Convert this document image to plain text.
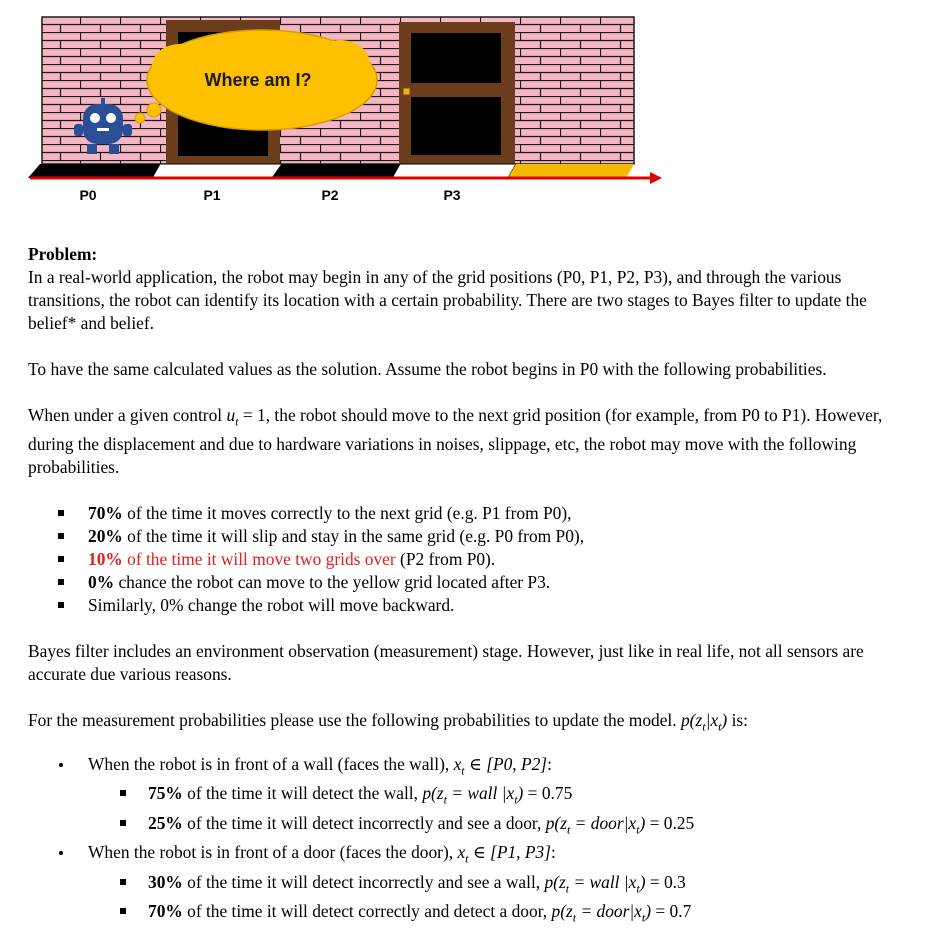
Where am I?
P0	P1	P2	P3

Problem:

In a real-world application, the robot may begin in any of the grid positions (P0, P1, P2, P3), and through the various transitions, the robot can identify its location with a certain probability. There are two stages to Bayes filter to update the belief* and belief.

To have the same calculated values as the solution. Assume the robot begins in P0 with the following probabilities.

When under a given control $u_t = 1$, the robot should move to the next grid position (for example, from P0 to P1). However, during the displacement and due to hardware variations in noises, slippage, etc, the robot may move with the following probabilities.

70% of the time it moves correctly to the next grid (e.g. P1 from P0),
20% of the time it will slip and stay in the same grid (e.g. P0 from P0),
10% of the time it will move two grids over (P2 from P0).
0% chance the robot can move to the yellow grid located after P3.
Similarly, 0% change the robot will move backward.

Bayes filter includes an environment observation (measurement) stage. However, just like in real life, not all sensors are accurate due various reasons.

For the measurement probabilities please use the following probabilities to update the model. $p(z_t|x_t)$ is:

When the robot is in front of a wall (faces the wall), $x_t$ ∈ [P0, P2]:
75% of the time it will detect the wall, $p(z_t$ = wall $|x_t) = 0.75$
25% of the time it will detect incorrectly and see a door, $p(z_t$ = $door|x_t) = 0.25$
When the robot is in front of a door (faces the door), $x_t$ ∈ [P1, P3]:
30% of the time it will detect incorrectly and see a wall, $p(z_t$ = wall $|x_t) = 0.3$
70% of the time it will detect correctly and detect a door, $p(z_t$ = $door|x_t) = 0.7$
